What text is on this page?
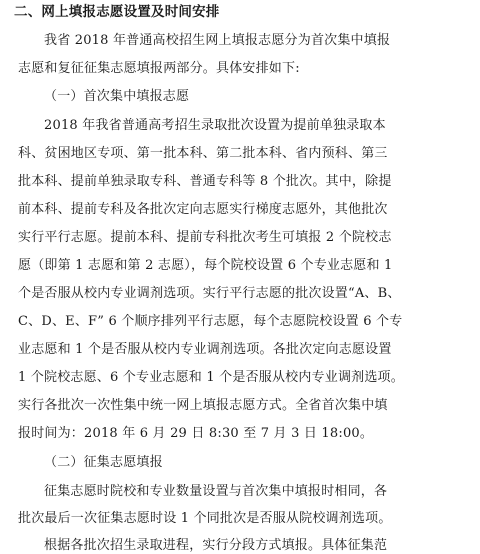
二、网上填报志愿设置及时间安排
我省 2018 年普通高校招生网上填报志愿分为首次集中填报
志愿和复征征集志愿填报两部分。具体安排如下:
（一）首次集中填报志愿
2018 年我省普通高考招生录取批次设置为提前单独录取本
科、贫困地区专项、第一批本科、第二批本科、省内预科、第三
批本科、提前单独录取专科、普通专科等 8 个批次。其中，除提
前本科、提前专科及各批次定向志愿实行梯度志愿外，其他批次
实行平行志愿。提前本科、提前专科批次考生可填报 2 个院校志
愿（即第 1 志愿和第 2 志愿），每个院校设置 6 个专业志愿和 1
个是否服从校内专业调剂选项。实行平行志愿的批次设置“A、B、
C、D、E、F” 6 个顺序排列平行志愿，每个志愿院校设置 6 个专
业志愿和 1 个是否服从校内专业调剂选项。各批次定向志愿设置
1 个院校志愿、6 个专业志愿和 1 个是否服从校内专业调剂选项。
实行各批次一次性集中统一网上填报志愿方式。全省首次集中填
报时间为：2018 年 6 月 29 日 8:30 至 7 月 3 日 18:00。
（二）征集志愿填报
征集志愿时院校和专业数量设置与首次集中填报时相同，各
批次最后一次征集志愿时设 1 个同批次是否服从院校调剂选项。
根据各批次招生录取进程，实行分段方式填报。具体征集范
